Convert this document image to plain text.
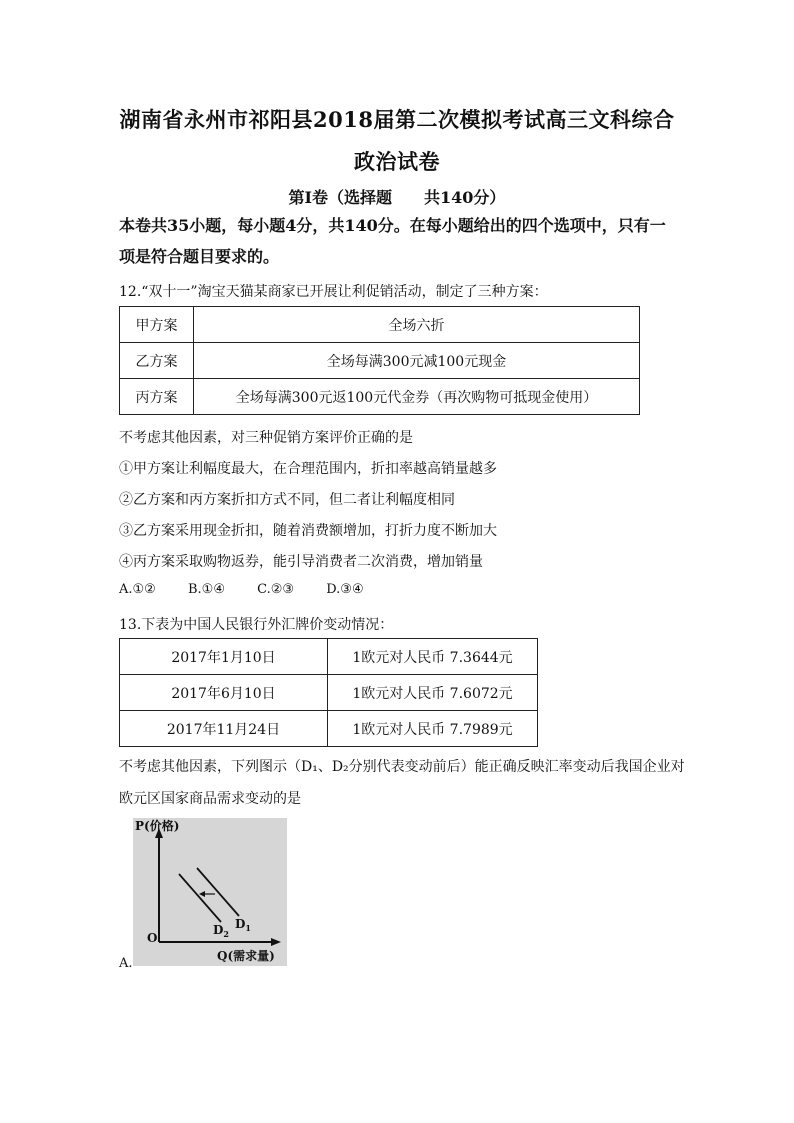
湖南省永州市祁阳县2018届第二次模拟考试高三文科综合
政治试卷
第Ⅰ卷（选择题　　共140分）
本卷共35小题，每小题4分，共140分。在每小题给出的四个选项中，只有一
项是符合题目要求的。
12.“双十一”淘宝天猫某商家已开展让利促销活动，制定了三种方案：
甲方案	全场六折
乙方案	全场每满300元减100元现金
丙方案	全场每满300元返100元代金券（再次购物可抵现金使用）
不考虑其他因素，对三种促销方案评价正确的是
①甲方案让利幅度最大，在合理范围内，折扣率越高销量越多
②乙方案和丙方案折扣方式不同，但二者让利幅度相同
③乙方案采用现金折扣，随着消费额增加，打折力度不断加大
④丙方案采取购物返券，能引导消费者二次消费，增加销量
A.①② B.①④ C.②③ D.③④
13.下表为中国人民银行外汇牌价变动情况：
2017年1月10日	1欧元对人民币 7.3644元
2017年6月10日	1欧元对人民币 7.6072元
2017年11月24日	1欧元对人民币 7.7989元
不考虑其他因素，下列图示（D₁、D₂分别代表变动前后）能正确反映汇率变动后我国企业对
欧元区国家商品需求变动的是
P(价格)
Q(需求量)
O
$D_2$
$D_1$
A.
